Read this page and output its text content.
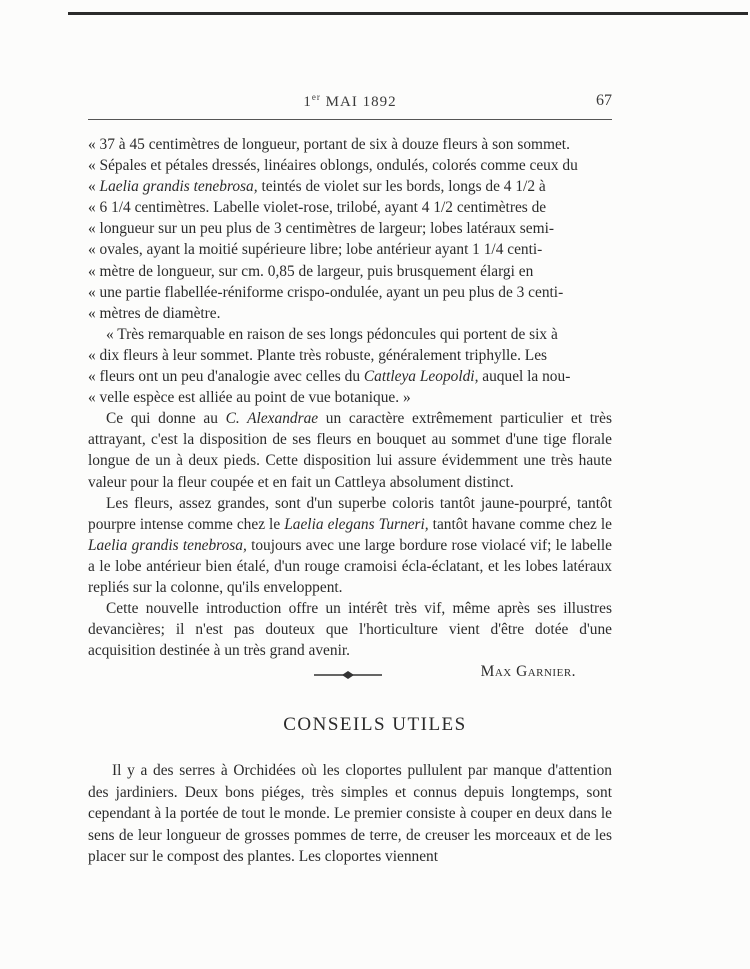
1er MAI 1892	67

« 37 à 45 centimètres de longueur, portant de six à douze fleurs à son sommet.

« Sépales et pétales dressés, linéaires oblongs, ondulés, colorés comme ceux du

« Laelia grandis tenebrosa, teintés de violet sur les bords, longs de 4 1/2 à

« 6 1/4 centimètres. Labelle violet-rose, trilobé, ayant 4 1/2 centimètres de

« longueur sur un peu plus de 3 centimètres de largeur; lobes latéraux semi-

« ovales, ayant la moitié supérieure libre; lobe antérieur ayant 1 1/4 centi-

« mètre de longueur, sur cm. 0,85 de largeur, puis brusquement élargi en

« une partie flabellée-réniforme crispo-ondulée, ayant un peu plus de 3 centi-

« mètres de diamètre.

« Très remarquable en raison de ses longs pédoncules qui portent de six à

« dix fleurs à leur sommet. Plante très robuste, généralement triphylle. Les

« fleurs ont un peu d'analogie avec celles du Cattleya Leopoldi, auquel la nou-

« velle espèce est alliée au point de vue botanique. »

Ce qui donne au C. Alexandrae un caractère extrêmement particulier et très attrayant, c'est la disposition de ses fleurs en bouquet au sommet d'une tige florale longue de un à deux pieds. Cette disposition lui assure évidemment une très haute valeur pour la fleur coupée et en fait un Cattleya absolument distinct.

Les fleurs, assez grandes, sont d'un superbe coloris tantôt jaune-pourpré, tantôt pourpre intense comme chez le Laelia elegans Turneri, tantôt havane comme chez le Laelia grandis tenebrosa, toujours avec une large bordure rose violacé vif; le labelle a le lobe antérieur bien étalé, d'un rouge cramoisi écla-éclatant, et les lobes latéraux repliés sur la colonne, qu'ils enveloppent.

Cette nouvelle introduction offre un intérêt très vif, même après ses illustres devancières; il n'est pas douteux que l'horticulture vient d'être dotée d'une acquisition destinée à un très grand avenir.

Max Garnier.

CONSEILS UTILES

Il y a des serres à Orchidées où les cloportes pullulent par manque d'attention des jardiniers. Deux bons piéges, très simples et connus depuis longtemps, sont cependant à la portée de tout le monde. Le premier consiste à couper en deux dans le sens de leur longueur de grosses pommes de terre, de creuser les morceaux et de les placer sur le compost des plantes. Les cloportes viennent
